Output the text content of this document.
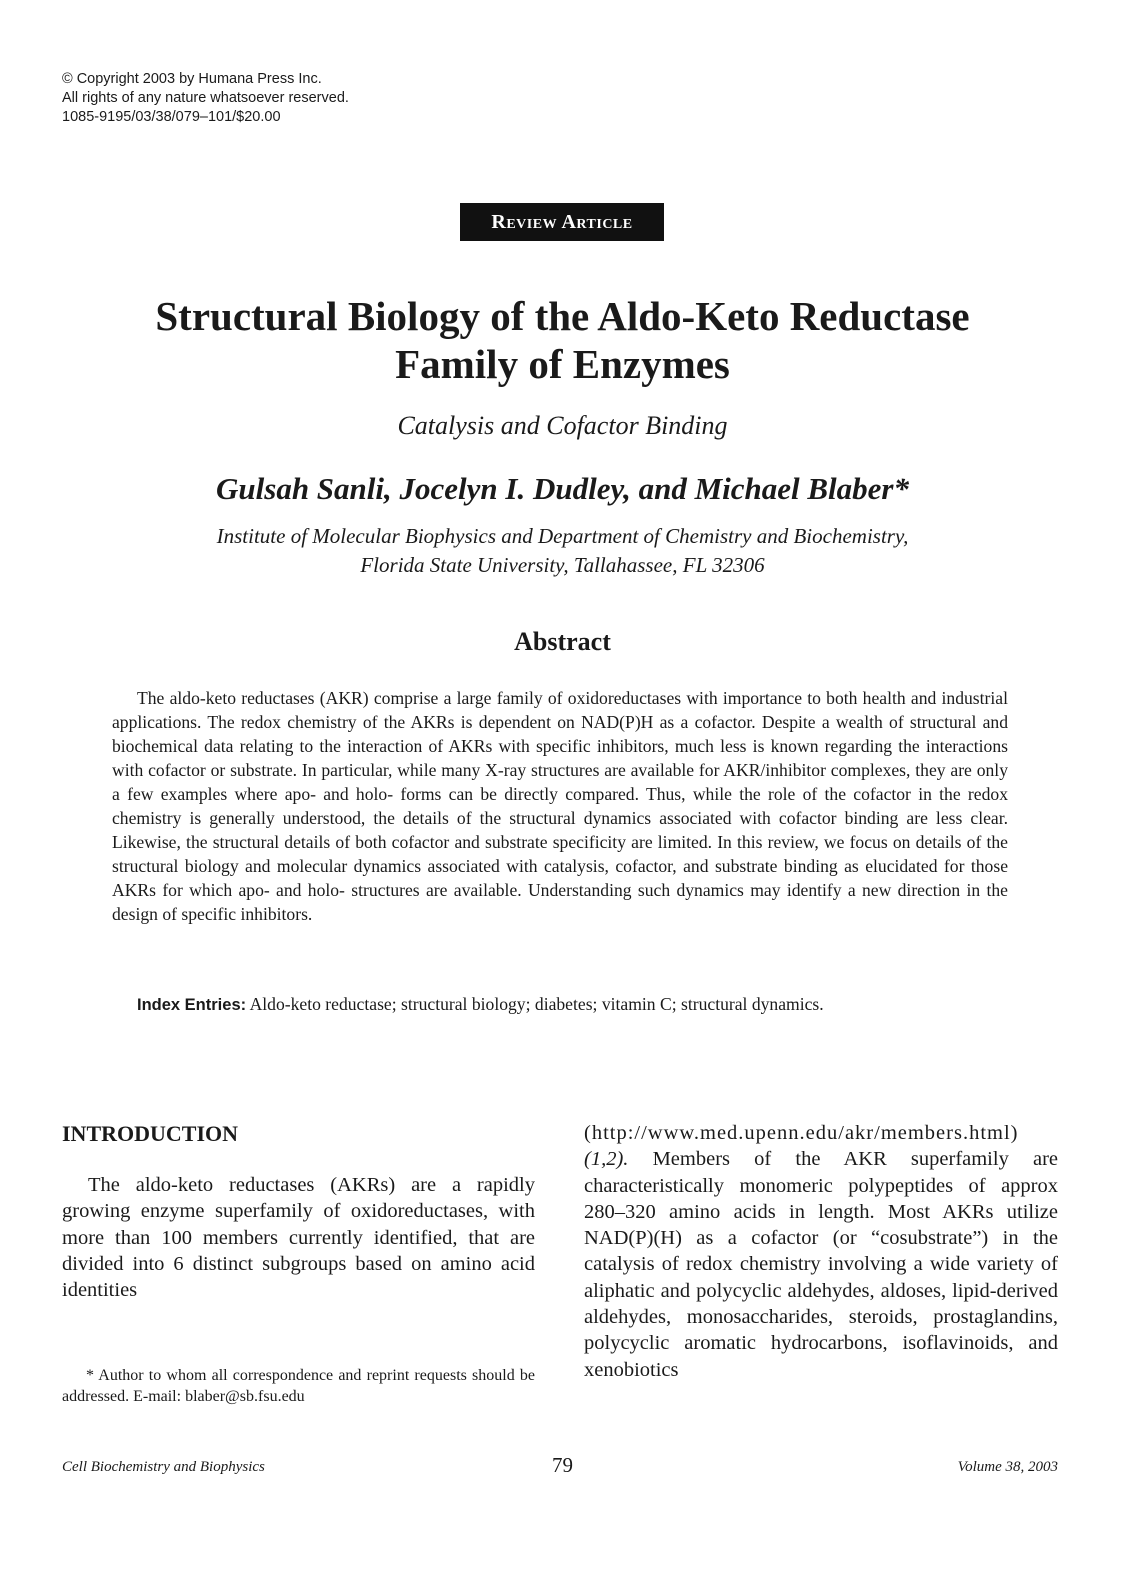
© Copyright 2003 by Humana Press Inc.
All rights of any nature whatsoever reserved.
1085-9195/03/38/079–101/$20.00
Review Article
Structural Biology of the Aldo-Keto Reductase
Family of Enzymes
Catalysis and Cofactor Binding
Gulsah Sanli, Jocelyn I. Dudley, and Michael Blaber*
Institute of Molecular Biophysics and Department of Chemistry and Biochemistry,
Florida State University, Tallahassee, FL 32306
Abstract

The aldo-keto reductases (AKR) comprise a large family of oxidoreductases with importance to both health and industrial applications. The redox chemistry of the AKRs is dependent on NAD(P)H as a cofactor. Despite a wealth of structural and biochemical data relating to the interaction of AKRs with specific inhibitors, much less is known regarding the interactions with cofactor or substrate. In particular, while many X-ray structures are available for AKR/inhibitor complexes, they are only a few examples where apo- and holo- forms can be directly compared. Thus, while the role of the cofactor in the redox chemistry is generally understood, the details of the structural dynamics associated with cofactor binding are less clear. Likewise, the structural details of both cofactor and substrate specificity are limited. In this review, we focus on details of the structural biology and molecular dynamics associated with catalysis, cofactor, and substrate binding as elucidated for those AKRs for which apo- and holo- structures are available. Understanding such dynamics may identify a new direction in the design of specific inhibitors.

Index Entries: Aldo-keto reductase; structural biology; diabetes; vitamin C; structural dynamics.

INTRODUCTION

The aldo-keto reductases (AKRs) are a rapidly growing enzyme superfamily of oxidoreductases, with more than 100 members currently identified, that are divided into 6 distinct subgroups based on amino acid identities

* Author to whom all correspondence and reprint requests should be addressed. E-mail: blaber@sb.fsu.edu

(http://www.med.upenn.edu/akr/members.html) (1,2). Members of the AKR superfamily are characteristically monomeric polypeptides of approx 280–320 amino acids in length. Most AKRs utilize NAD(P)(H) as a cofactor (or “cosubstrate”) in the catalysis of redox chemistry involving a wide variety of aliphatic and polycyclic aldehydes, aldoses, lipid-derived aldehydes, monosaccharides, steroids, prostaglandins, polycyclic aromatic hydrocarbons, isoflavinoids, and xenobiotics

Cell Biochemistry and Biophysics	79	Volume 38, 2003
